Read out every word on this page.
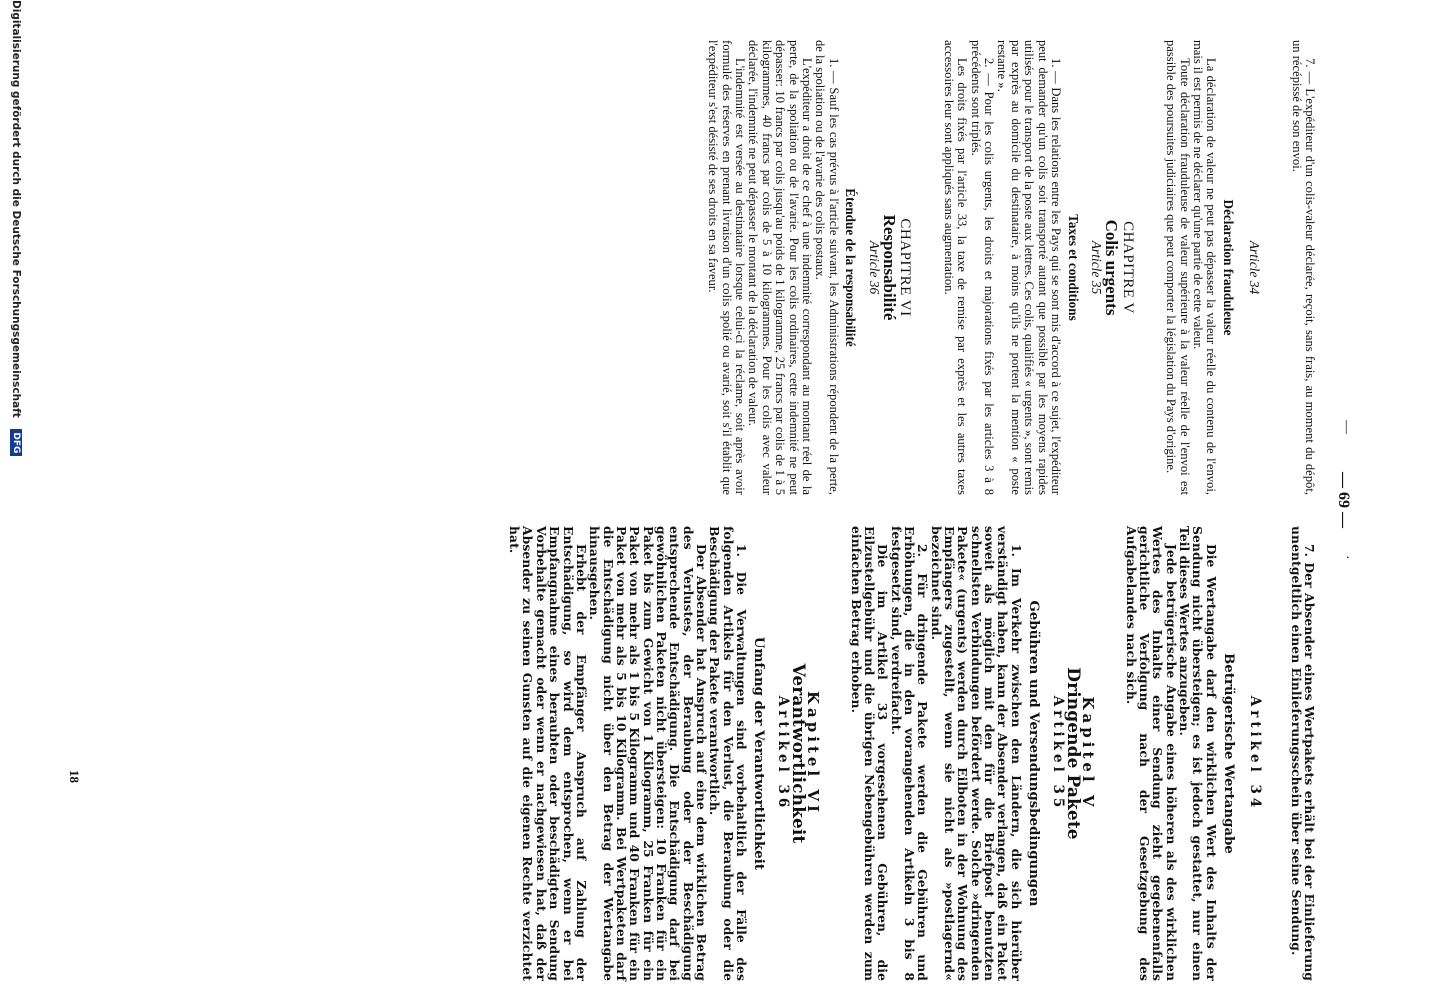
—
— 69 —
·

7. — L'expéditeur d'un colis-valeur déclarée, reçoit, sans frais, au moment du dépôt, un récépissé de son envoi.

Article 34
Déclaration frauduleuse

La déclaration de valeur ne peut pas dépasser la valeur réelle du contenu de l'envoi, mais il est permis de ne déclarer qu'une partie de cette valeur.

Toute déclaration frauduleuse de valeur supérieure à la valeur réelle de l'envoi est passible des poursuites judiciaires que peut comporter la législation du Pays d'origine.

CHAPITRE V
Colis urgents
Article 35
Taxes et conditions

1. — Dans les relations entre les Pays qui se sont mis d'accord à ce sujet, l'expéditeur peut demander qu'un colis soit transporté autant que possible par les moyens rapides utilisés pour le transport de la poste aux lettres. Ces colis, qualifiés « urgents », sont remis par exprès au domicile du destinataire, à moins qu'ils ne portent la mention « poste restante ».

2. — Pour les colis urgents, les droits et majorations fixés par les articles 3 à 8 précédents sont triplés.

Les droits fixés par l'article 33, la taxe de remise par exprès et les autres taxes accessoires leur sont appliqués sans augmentation.

CHAPITRE VI
Responsabilité
Article 36
Étendue de la responsabilité

1. — Sauf les cas prévus à l'article suivant, les Administrations répondent de la perte, de la spoliation ou de l'avarie des colis postaux.

L'expéditeur a droit de ce chef à une indemnité correspondant au montant réel de la perte, de la spoliation ou de l'avarie. Pour les colis ordinaires, cette indemnité ne peut dépasser: 10 francs par colis jusqu'au poids de 1 kilogramme, 25 francs par colis de 1 à 5 kilogrammes, 40 francs par colis de 5 à 10 kilogrammes. Pour les colis avec valeur déclarée, l'indemnité ne peut dépasser le montant de la déclaration de valeur.

L'indemnité est versée au destinataire lorsque celui-ci la réclame, soit après avoir formulé des réserves en prenant livraison d'un colis spolié ou avarié, soit s'il établit que l'expéditeur s'est désisté de ses droits en sa faveur.

7. Der Absender eines Wertpakets erhält bei der Einlieferung unentgeltlich einen Einlieferungsschein über seine Sendung.

Artikel 34
Betrügerische Wertangabe

Die Wertangabe darf den wirklichen Wert des Inhalts der Sendung nicht übersteigen; es ist jedoch gestattet, nur einen Teil dieses Wertes anzugeben.

Jede betrügerische Angabe eines höheren als des wirklichen Wertes des Inhalts einer Sendung zieht gegebenenfalls gerichtliche Verfolgung nach der Gesetzgebung des Aufgabelandes nach sich.

Kapitel V
Dringende Pakete
Artikel 35
Gebühren und Versendungsbedingungen

1. Im Verkehr zwischen den Ländern, die sich hierüber verständigt haben, kann der Absender verlangen, daß ein Paket soweit als möglich mit den für die Briefpost benutzten schnellsten Verbindungen befördert werde. Solche »dringenden Pakete« (urgents) werden durch Eilboten in der Wohnung des Empfängers zugestellt, wenn sie nicht als »postlagernd« bezeichnet sind.

2. Für dringende Pakete werden die Gebühren und Erhöhungen, die in den vorangehenden Artikeln 3 bis 8 festgesetzt sind, verdreifacht.

Die im Artikel 33 vorgesehenen Gebühren, die Eilzustellgebühr und die übrigen Nebengebühren werden zum einfachen Betrag erhoben.

Kapitel VI
Verantwortlichkeit
Artikel 36
Umfang der Verantwortlichkeit

1. Die Verwaltungen sind vorbehaltlich der Fälle des folgenden Artikels für den Verlust, die Beraubung oder die Beschädigung der Pakete verantwortlich.

Der Absender hat Anspruch auf eine dem wirklichen Betrag des Verlustes, der Beraubung oder der Beschädigung entsprechende Entschädigung. Die Entschädigung darf bei gewöhnlichen Paketen nicht übersteigen: 10 Franken für ein Paket bis zum Gewicht von 1 Kilogramm, 25 Franken für ein Paket von mehr als 1 bis 5 Kilogramm und 40 Franken für ein Paket von mehr als 5 bis 10 Kilogramm. Bei Wertpaketen darf die Entschädigung nicht über den Betrag der Wertangabe hinausgehen.

Erhebt der Empfänger Anspruch auf Zahlung der Entschädigung, so wird dem entsprochen, wenn er bei Empfangnahme eines beraubten oder beschädigten Sendung Vorbehalte gemacht oder wenn er nachgewiesen hat, daß der Absender zu seinen Gunsten auf die eigenen Rechte verzichtet hat.

18
Digitalisierung gefördert durch die Deutsche Forschungsgemeinschaft DFG
